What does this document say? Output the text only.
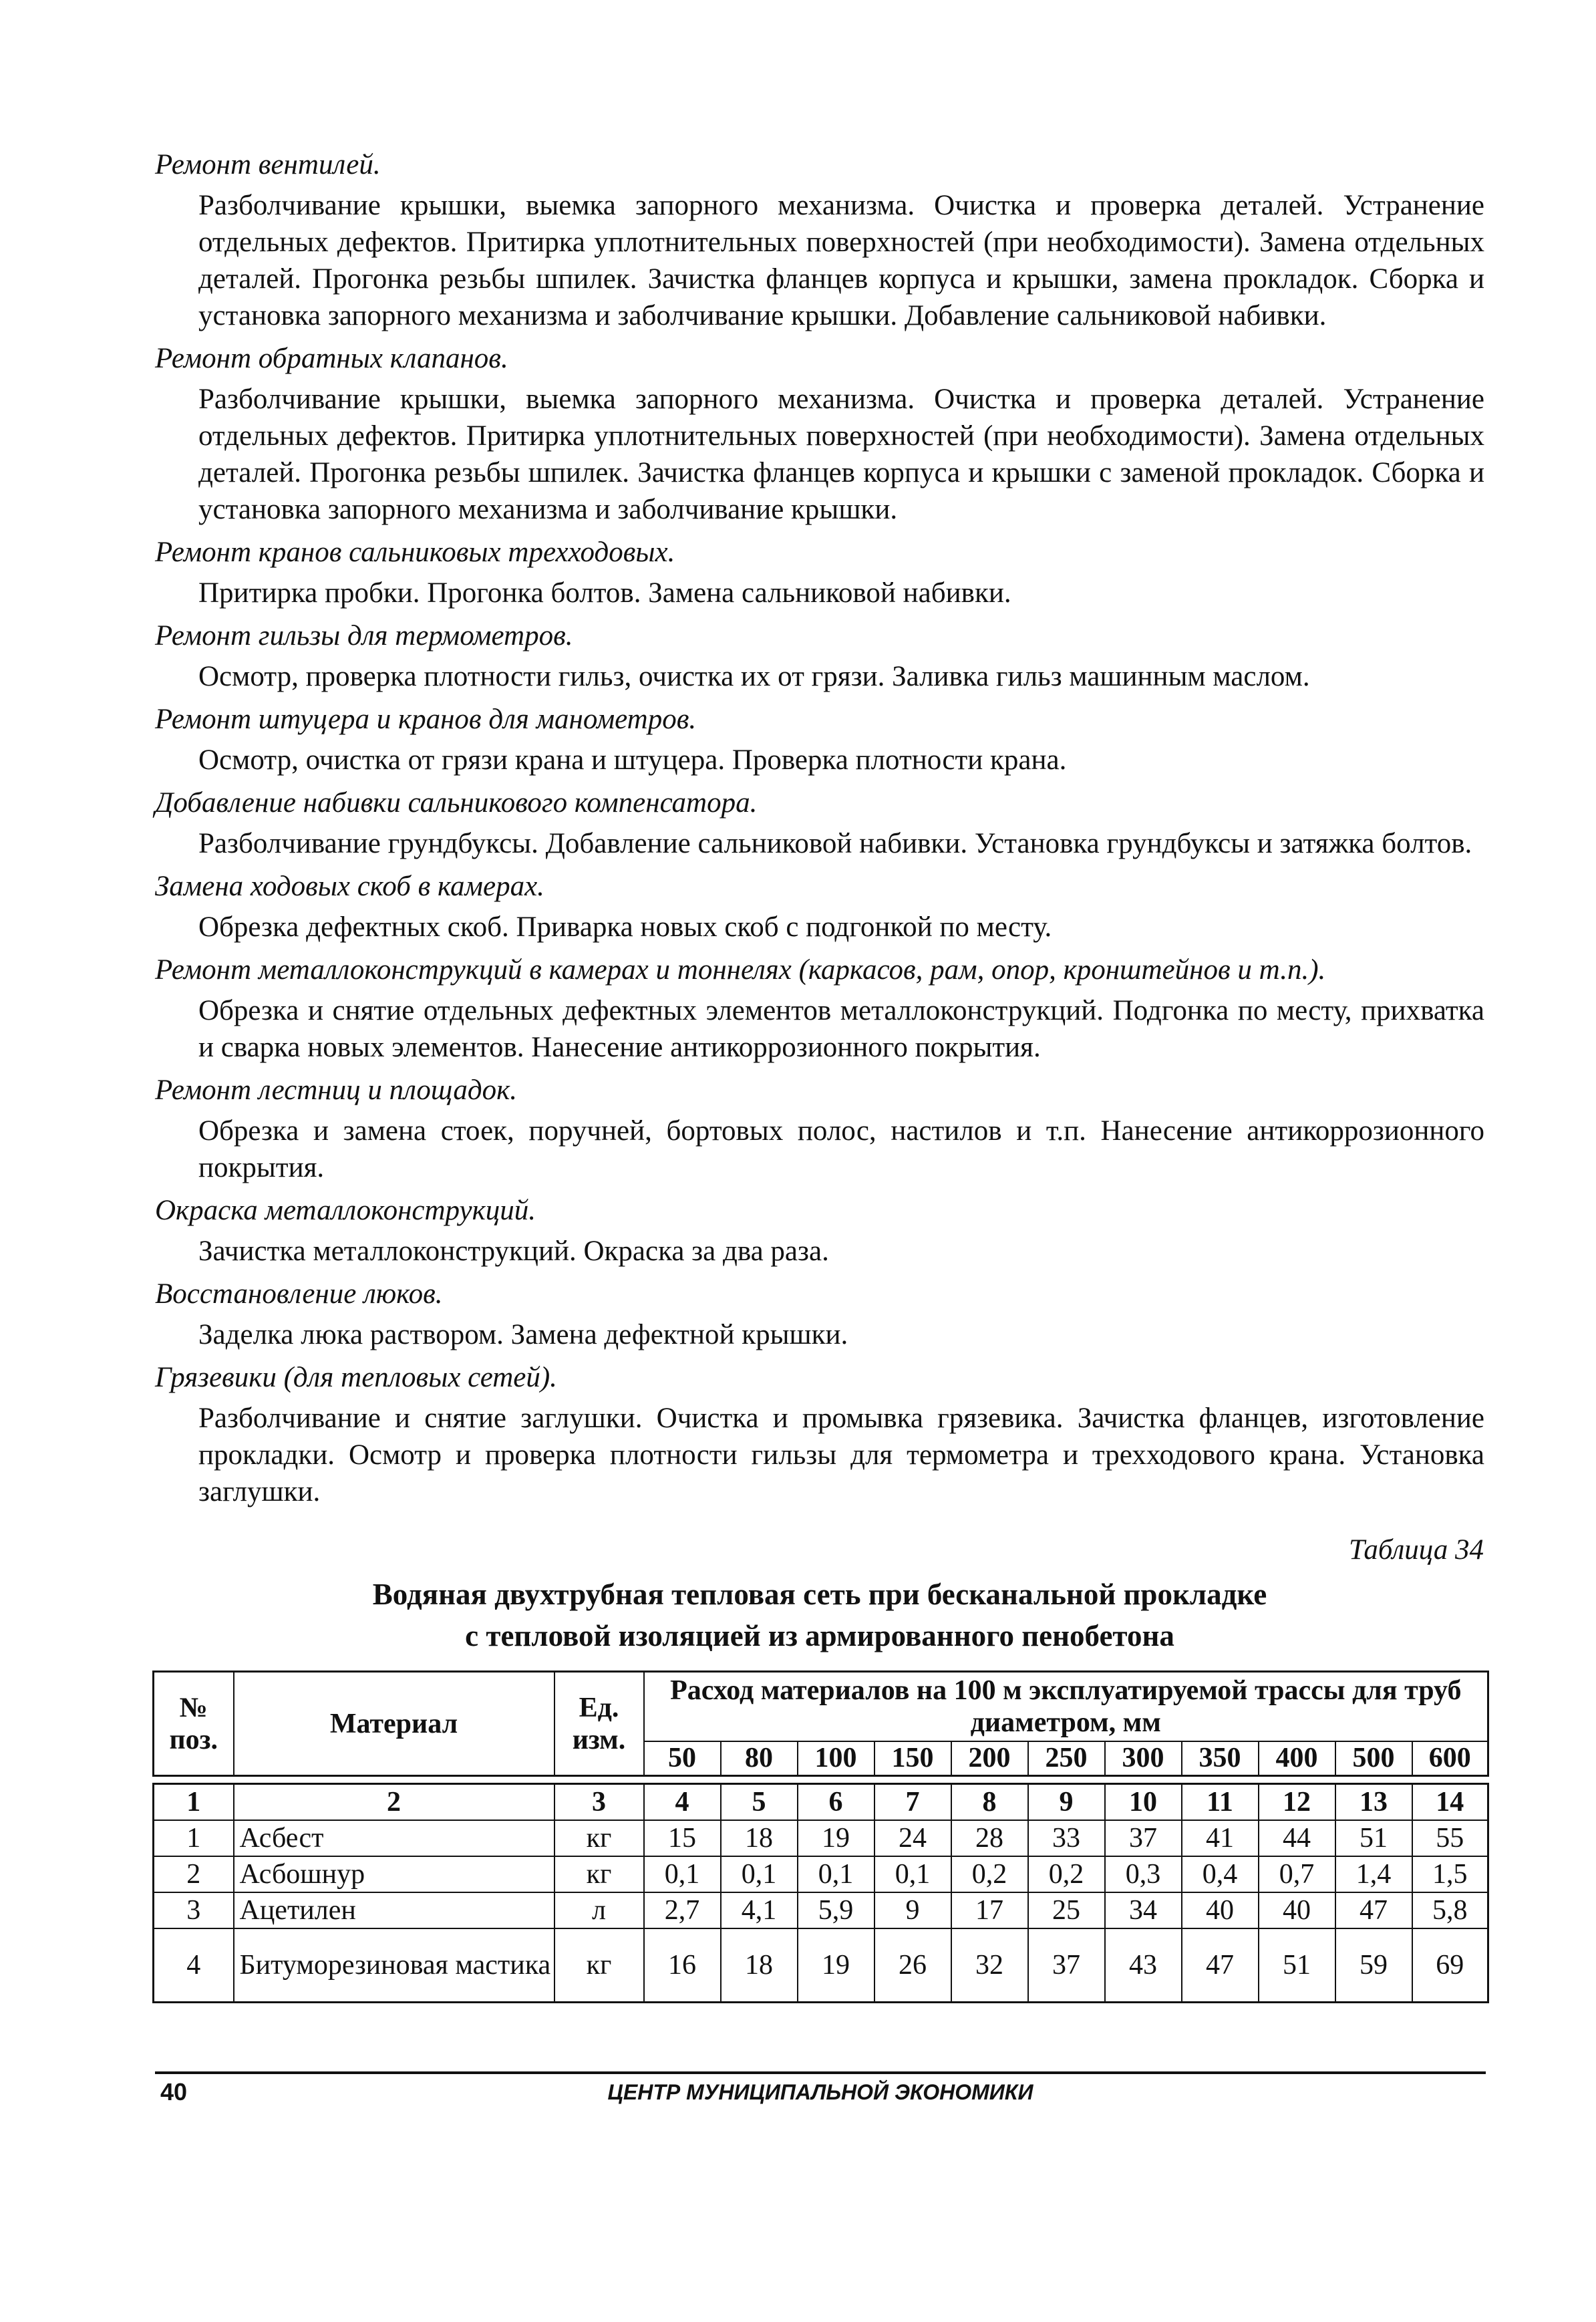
Ремонт вентилей.

Разболчивание крышки, выемка запорного механизма. Очистка и проверка деталей. Устранение отдельных дефектов. Притирка уплотнительных поверхностей (при необходимости). Замена отдельных деталей. Прогонка резьбы шпилек. Зачистка фланцев корпуса и крышки, замена прокладок. Сборка и установка запорного механизма и заболчивание крышки. Добавление сальниковой набивки.

Ремонт обратных клапанов.

Разболчивание крышки, выемка запорного механизма. Очистка и проверка деталей. Устранение отдельных дефектов. Притирка уплотнительных поверхностей (при необходимости). Замена отдельных деталей. Прогонка резьбы шпилек. Зачистка фланцев корпуса и крышки с заменой прокладок. Сборка и установка запорного механизма и заболчивание крышки.

Ремонт кранов сальниковых трехходовых.

Притирка пробки. Прогонка болтов. Замена сальниковой набивки.

Ремонт гильзы для термометров.

Осмотр, проверка плотности гильз, очистка их от грязи. Заливка гильз машинным маслом.

Ремонт штуцера и кранов для манометров.

Осмотр, очистка от грязи крана и штуцера. Проверка плотности крана.

Добавление набивки сальникового компенсатора.

Разболчивание грундбуксы. Добавление сальниковой набивки. Установка грундбуксы и затяжка болтов.

Замена ходовых скоб в камерах.

Обрезка дефектных скоб. Приварка новых скоб с подгонкой по месту.

Ремонт металлоконструкций в камерах и тоннелях (каркасов, рам, опор, кронштейнов и т.п.).

Обрезка и снятие отдельных дефектных элементов металлоконструкций. Подгонка по месту, прихватка и сварка новых элементов. Нанесение антикоррозионного покрытия.

Ремонт лестниц и площадок.

Обрезка и замена стоек, поручней, бортовых полос, настилов и т.п. Нанесение антикоррозионного покрытия.

Окраска металлоконструкций.

Зачистка металлоконструкций. Окраска за два раза.

Восстановление люков.

Заделка люка раствором. Замена дефектной крышки.

Грязевики (для тепловых сетей).

Разболчивание и снятие заглушки. Очистка и промывка грязевика. Зачистка фланцев, изготовление прокладки. Осмотр и проверка плотности гильзы для термометра и трехходового крана. Установка заглушки.

Таблица 34
Водяная двухтрубная тепловая сеть при бесканальной прокладке
с тепловой изоляцией из армированного пенобетона
№ поз.	Материал	Ед. изм.	Расход материалов на 100 м эксплуатируемой трассы для труб диаметром, мм										
			50	80	100	150	200	250	300	350	400	500	600
1	2	3	4	5	6	7	8	9	10	11	12	13	14
1	Асбест	кг	15	18	19	24	28	33	37	41	44	51	55
2	Асбошнур	кг	0,1	0,1	0,1	0,1	0,2	0,2	0,3	0,4	0,7	1,4	1,5
3	Ацетилен	л	2,7	4,1	5,9	9	17	25	34	40	40	47	5,8
4	Битуморезиновая мастика	кг	16	18	19	26	32	37	43	47	51	59	69
40	ЦЕНТР МУНИЦИПАЛЬНОЙ ЭКОНОМИКИ
